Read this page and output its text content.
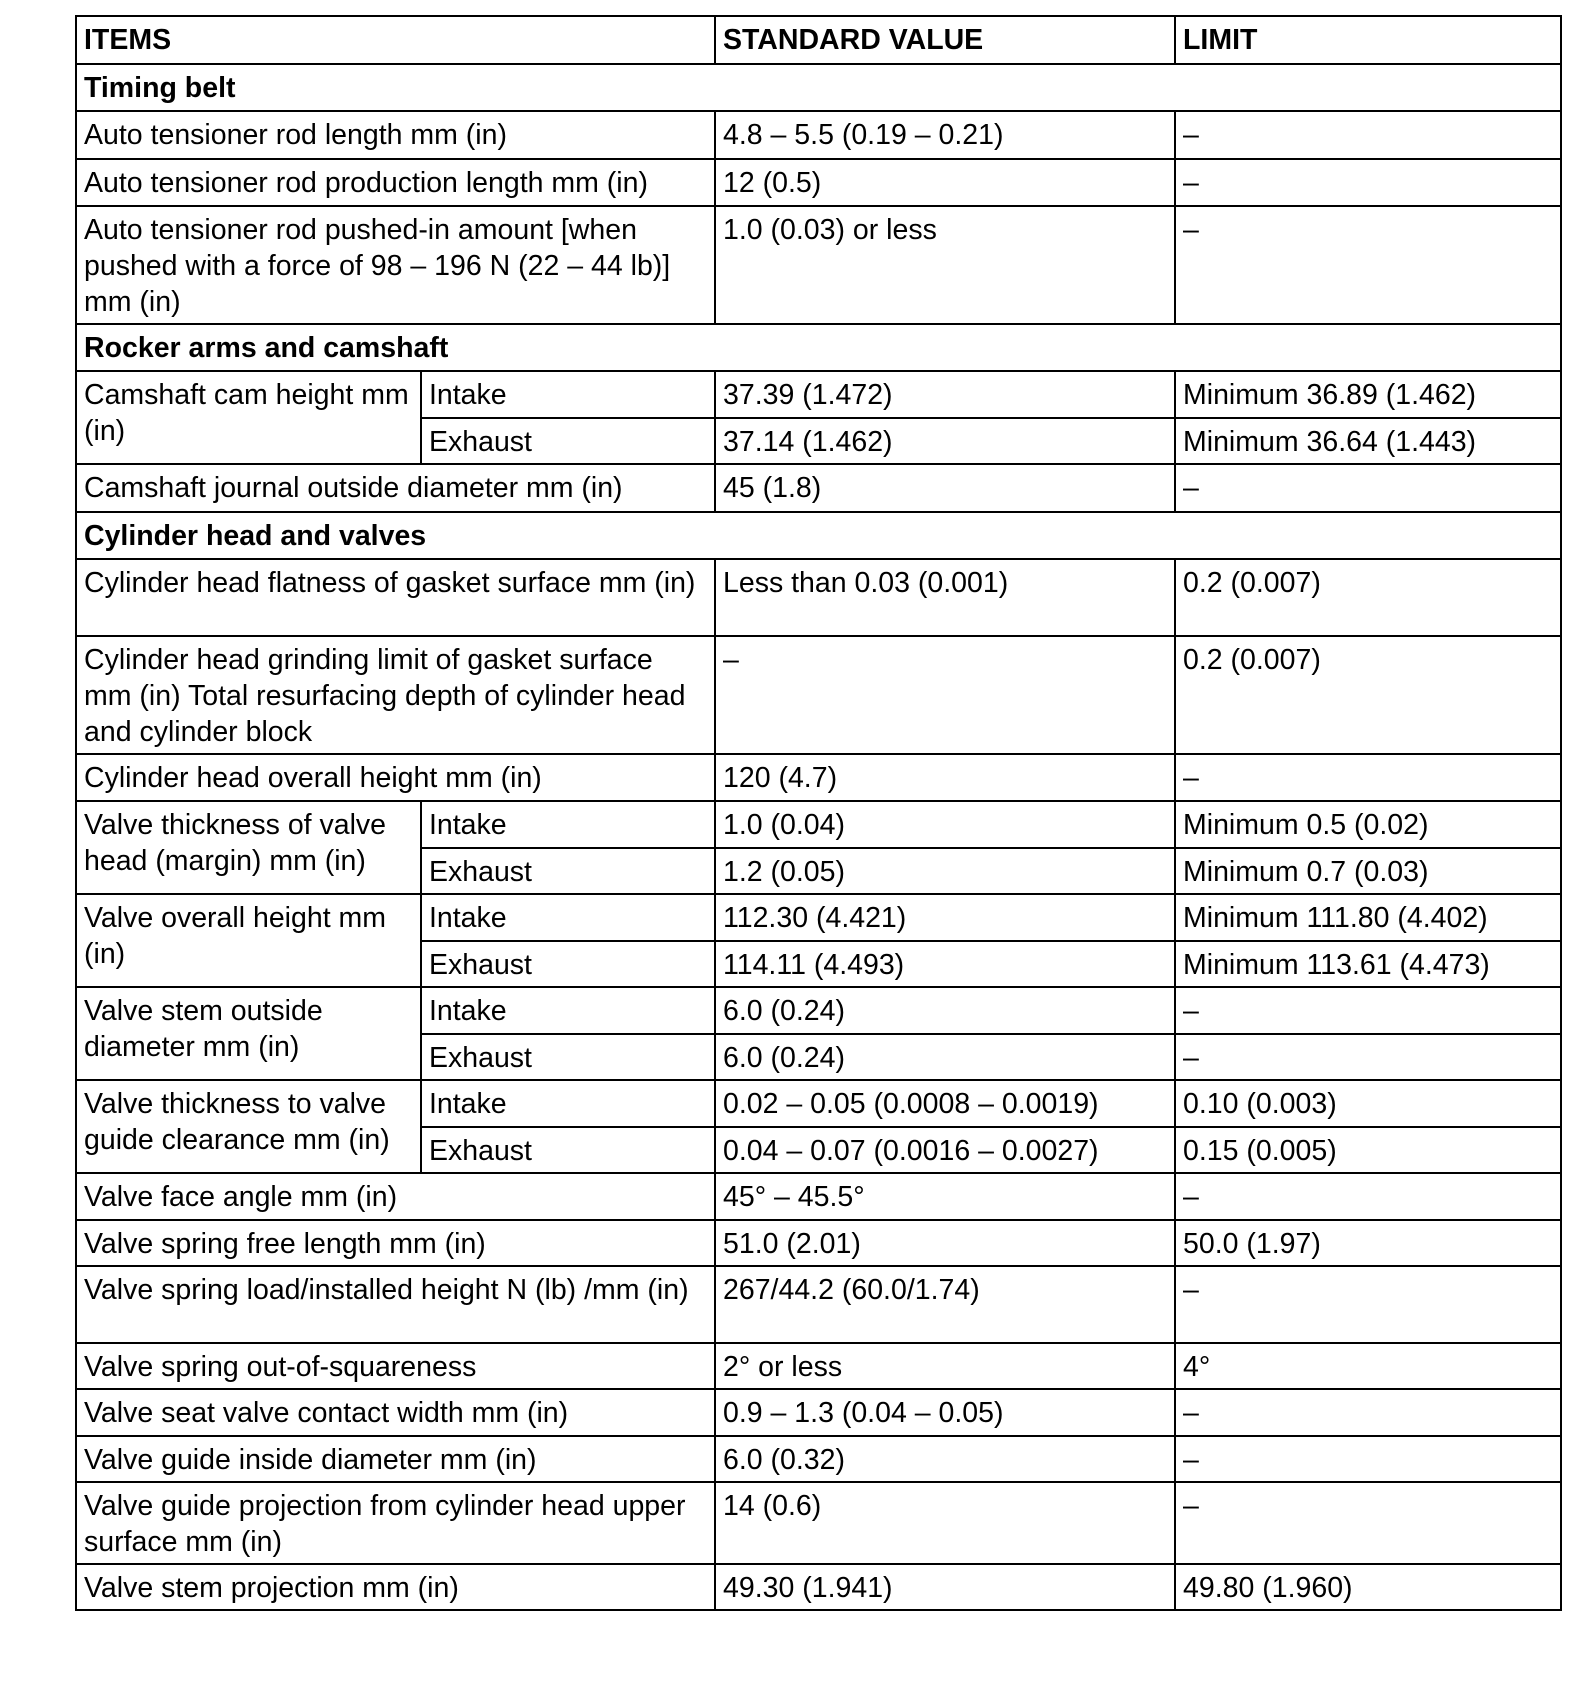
ITEMS		STANDARD VALUE	LIMIT
Timing belt			
Auto tensioner rod length mm (in)		4.8 – 5.5 (0.19 – 0.21)	–
Auto tensioner rod production length mm (in)		12 (0.5)	–
Auto tensioner rod pushed-in amount [when pushed with a force of 98 – 196 N (22 – 44 lb)] mm (in)		1.0 (0.03) or less	–
Rocker arms and camshaft			
Camshaft cam height mm (in)	Intake	37.39 (1.472)	Minimum 36.89 (1.462)
	Exhaust	37.14 (1.462)	Minimum 36.64 (1.443)
Camshaft journal outside diameter mm (in)		45 (1.8)	–
Cylinder head and valves			
Cylinder head flatness of gasket surface mm (in)		Less than 0.03 (0.001)	0.2 (0.007)
Cylinder head grinding limit of gasket surface mm (in) Total resurfacing depth of cylinder head and cylinder block		–	0.2 (0.007)
Cylinder head overall height mm (in)		120 (4.7)	–
Valve thickness of valve head (margin) mm (in)	Intake	1.0 (0.04)	Minimum 0.5 (0.02)
	Exhaust	1.2 (0.05)	Minimum 0.7 (0.03)
Valve overall height mm (in)	Intake	112.30 (4.421)	Minimum 111.80 (4.402)
	Exhaust	114.11 (4.493)	Minimum 113.61 (4.473)
Valve stem outside diameter mm (in)	Intake	6.0 (0.24)	–
	Exhaust	6.0 (0.24)	–
Valve thickness to valve guide clearance mm (in)	Intake	0.02 – 0.05 (0.0008 – 0.0019)	0.10 (0.003)
	Exhaust	0.04 – 0.07 (0.0016 – 0.0027)	0.15 (0.005)
Valve face angle mm (in)		45° – 45.5°	–
Valve spring free length mm (in)		51.0 (2.01)	50.0 (1.97)
Valve spring load/installed height N (lb) /mm (in)		267/44.2 (60.0/1.74)	–
Valve spring out-of-squareness		2° or less	4°
Valve seat valve contact width mm (in)		0.9 – 1.3 (0.04 – 0.05)	–
Valve guide inside diameter mm (in)		6.0 (0.32)	–
Valve guide projection from cylinder head upper surface mm (in)		14 (0.6)	–
Valve stem projection mm (in)		49.30 (1.941)	49.80 (1.960)
